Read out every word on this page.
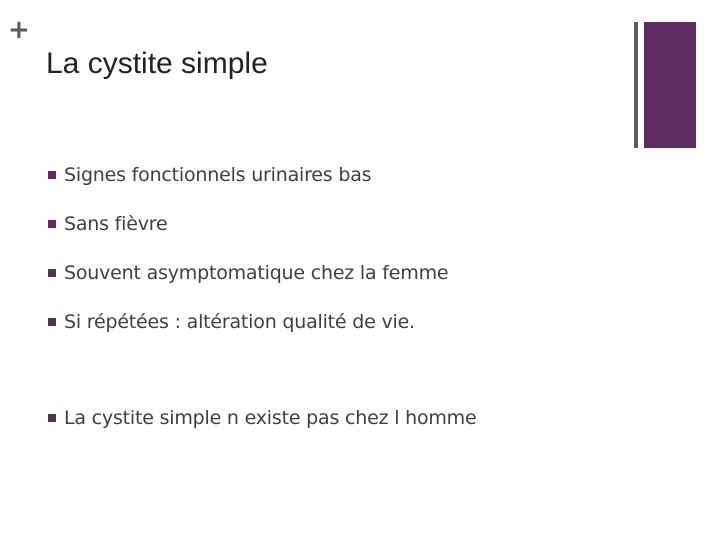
+
La cystite simple
Signes fonctionnels urinaires bas
Sans fièvre
Souvent asymptomatique chez la femme
Si répétées : altération qualité de vie.
La cystite simple n existe pas chez l homme
